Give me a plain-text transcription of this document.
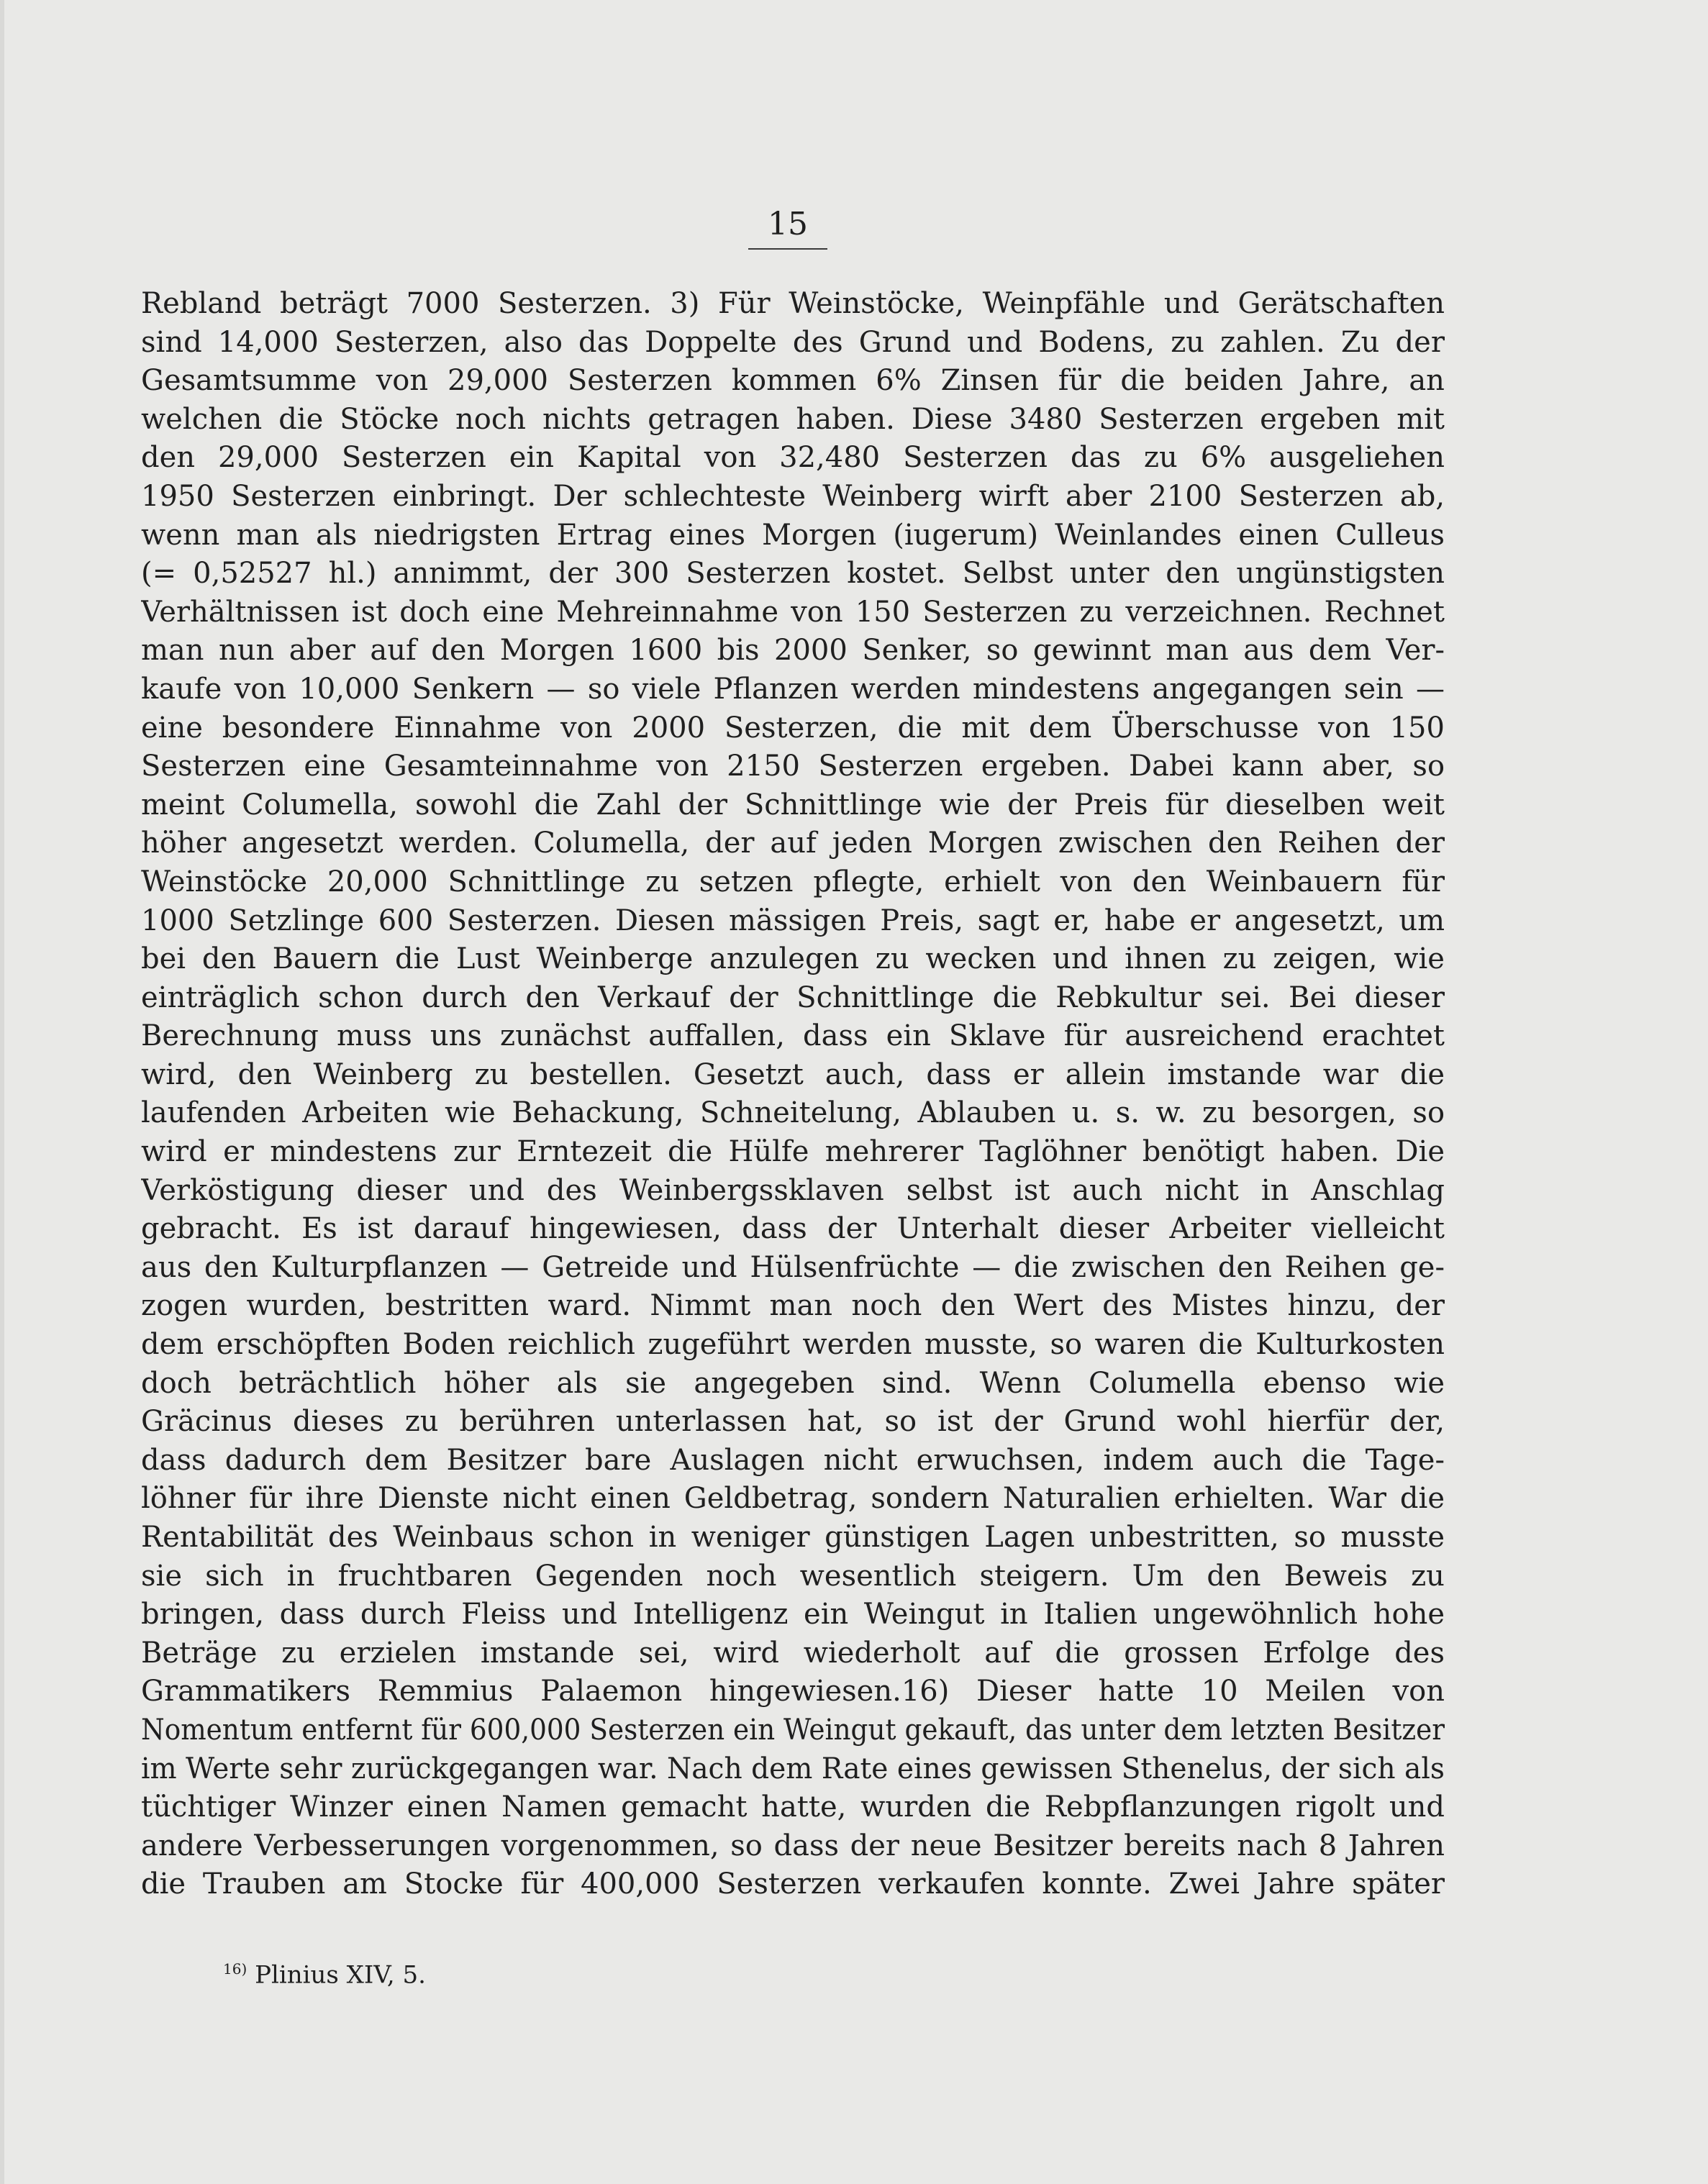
15
Rebland beträgt 7000 Sesterzen. 3) Für Weinstöcke, Weinpfähle und Gerätschaften
sind 14,000 Sesterzen, also das Doppelte des Grund und Bodens, zu zahlen. Zu der
Gesamtsumme von 29,000 Sesterzen kommen 6% Zinsen für die beiden Jahre, an
welchen die Stöcke noch nichts getragen haben. Diese 3480 Sesterzen ergeben mit
den 29,000 Sesterzen ein Kapital von 32,480 Sesterzen das zu 6% ausgeliehen
1950 Sesterzen einbringt. Der schlechteste Weinberg wirft aber 2100 Sesterzen ab,
wenn man als niedrigsten Ertrag eines Morgen (iugerum) Weinlandes einen Culleus
(= 0,52527 hl.) annimmt, der 300 Sesterzen kostet. Selbst unter den ungünstigsten
Verhältnissen ist doch eine Mehreinnahme von 150 Sesterzen zu verzeichnen. Rechnet
man nun aber auf den Morgen 1600 bis 2000 Senker, so gewinnt man aus dem Ver-
kaufe von 10,000 Senkern — so viele Pflanzen werden mindestens angegangen sein —
eine besondere Einnahme von 2000 Sesterzen, die mit dem Überschusse von 150
Sesterzen eine Gesamteinnahme von 2150 Sesterzen ergeben. Dabei kann aber, so
meint Columella, sowohl die Zahl der Schnittlinge wie der Preis für dieselben weit
höher angesetzt werden. Columella, der auf jeden Morgen zwischen den Reihen der
Weinstöcke 20,000 Schnittlinge zu setzen pflegte, erhielt von den Weinbauern für
1000 Setzlinge 600 Sesterzen. Diesen mässigen Preis, sagt er, habe er angesetzt, um
bei den Bauern die Lust Weinberge anzulegen zu wecken und ihnen zu zeigen, wie
einträglich schon durch den Verkauf der Schnittlinge die Rebkultur sei. Bei dieser
Berechnung muss uns zunächst auffallen, dass ein Sklave für ausreichend erachtet
wird, den Weinberg zu bestellen. Gesetzt auch, dass er allein imstande war die
laufenden Arbeiten wie Behackung, Schneitelung, Ablauben u. s. w. zu besorgen, so
wird er mindestens zur Erntezeit die Hülfe mehrerer Taglöhner benötigt haben. Die
Verköstigung dieser und des Weinbergssklaven selbst ist auch nicht in Anschlag
gebracht. Es ist darauf hingewiesen, dass der Unterhalt dieser Arbeiter vielleicht
aus den Kulturpflanzen — Getreide und Hülsenfrüchte — die zwischen den Reihen ge-
zogen wurden, bestritten ward. Nimmt man noch den Wert des Mistes hinzu, der
dem erschöpften Boden reichlich zugeführt werden musste, so waren die Kulturkosten
doch beträchtlich höher als sie angegeben sind. Wenn Columella ebenso wie
Gräcinus dieses zu berühren unterlassen hat, so ist der Grund wohl hierfür der,
dass dadurch dem Besitzer bare Auslagen nicht erwuchsen, indem auch die Tage-
löhner für ihre Dienste nicht einen Geldbetrag, sondern Naturalien erhielten. War die
Rentabilität des Weinbaus schon in weniger günstigen Lagen unbestritten, so musste
sie sich in fruchtbaren Gegenden noch wesentlich steigern. Um den Beweis zu
bringen, dass durch Fleiss und Intelligenz ein Weingut in Italien ungewöhnlich hohe
Beträge zu erzielen imstande sei, wird wiederholt auf die grossen Erfolge des
Grammatikers Remmius Palaemon hingewiesen.16) Dieser hatte 10 Meilen von
Nomentum entfernt für 600,000 Sesterzen ein Weingut gekauft, das unter dem letzten Besitzer
im Werte sehr zurückgegangen war. Nach dem Rate eines gewissen Sthenelus, der sich als
tüchtiger Winzer einen Namen gemacht hatte, wurden die Rebpflanzungen rigolt und
andere Verbesserungen vorgenommen, so dass der neue Besitzer bereits nach 8 Jahren
die Trauben am Stocke für 400,000 Sesterzen verkaufen konnte. Zwei Jahre später
$^{16)}$ Plinius XIV, 5.
